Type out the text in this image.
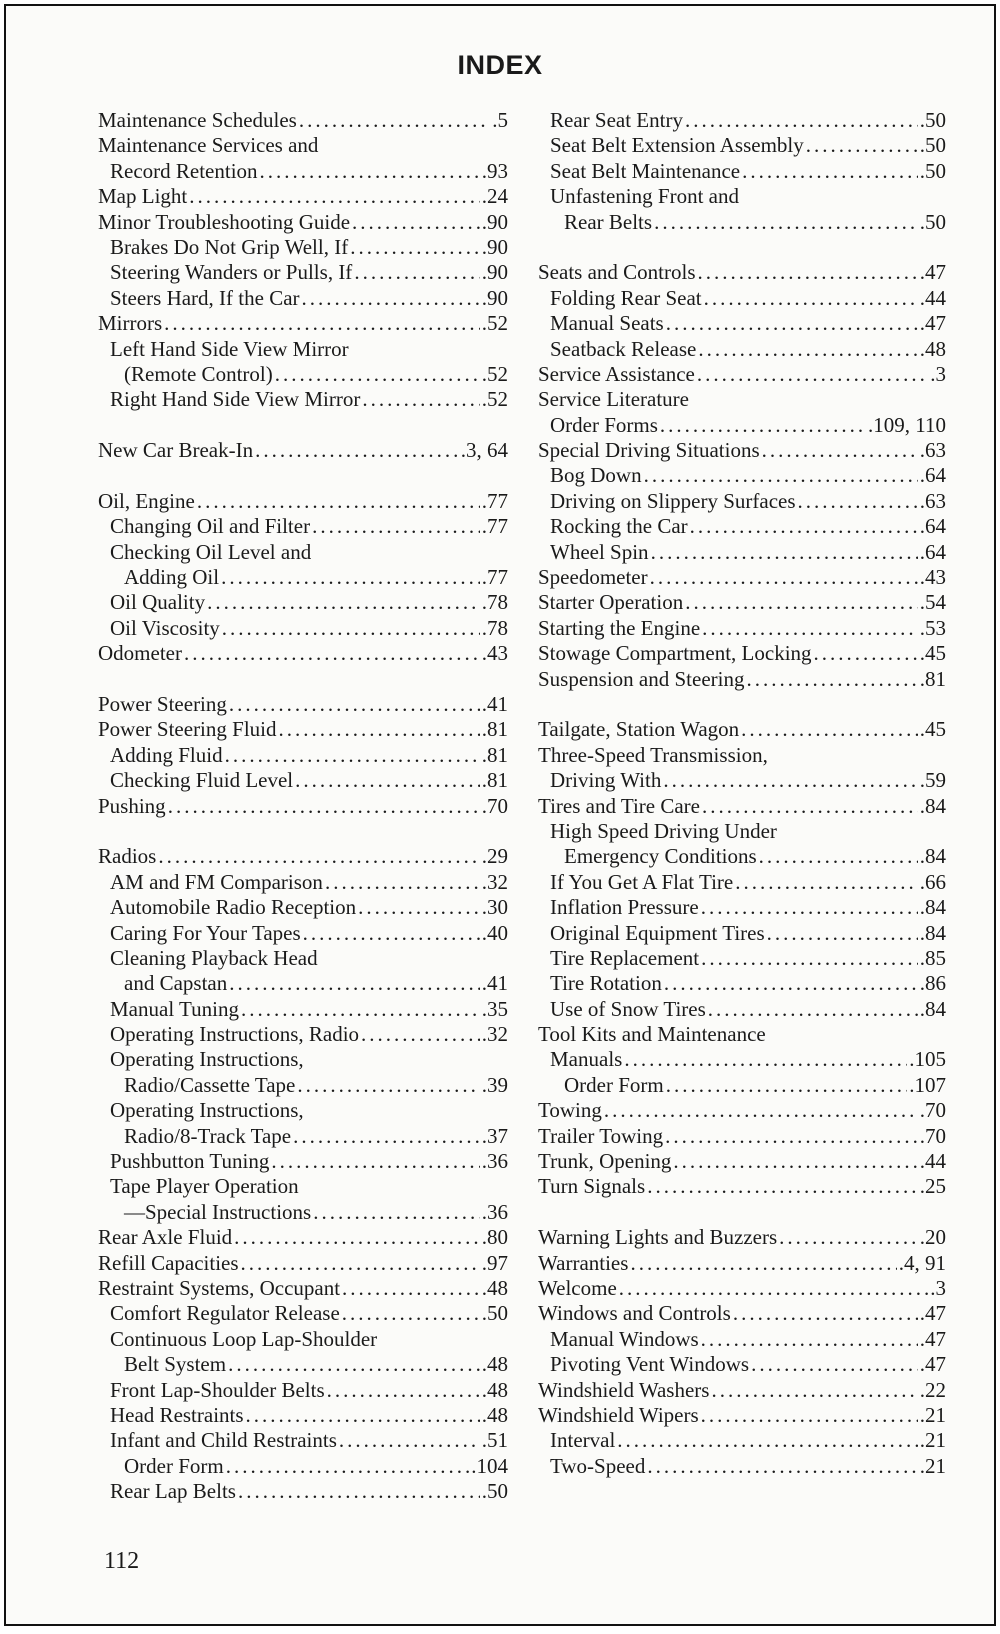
INDEX
Maintenance Schedules .....	.5
Maintenance Services and
Record Retention .....	.93
Map Light .....	.24
Minor Troubleshooting Guide .....	.90
Brakes Do Not Grip Well, If .....	.90
Steering Wanders or Pulls, If .....	.90
Steers Hard, If the Car .....	.90
Mirrors .....	.52
Left Hand Side View Mirror
(Remote Control) .....	.52
Right Hand Side View Mirror .....	.52
New Car Break-In .....	.3, 64
Oil, Engine .....	.77
Changing Oil and Filter .....	.77
Checking Oil Level and
Adding Oil .....	.77
Oil Quality .....	.78
Oil Viscosity .....	.78
Odometer .....	.43
Power Steering .....	.41
Power Steering Fluid .....	.81
Adding Fluid .....	.81
Checking Fluid Level .....	.81
Pushing .....	.70
Radios .....	.29
AM and FM Comparison .....	.32
Automobile Radio Reception .....	.30
Caring For Your Tapes .....	.40
Cleaning Playback Head
and Capstan .....	.41
Manual Tuning .....	.35
Operating Instructions, Radio .....	.32
Operating Instructions,
Radio/Cassette Tape .....	.39
Operating Instructions,
Radio/8-Track Tape .....	.37
Pushbutton Tuning .....	.36
Tape Player Operation
—Special Instructions .....	.36
Rear Axle Fluid .....	.80
Refill Capacities .....	.97
Restraint Systems, Occupant .....	.48
Comfort Regulator Release .....	.50
Continuous Loop Lap-Shoulder
Belt System .....	.48
Front Lap-Shoulder Belts .....	.48
Head Restraints .....	.48
Infant and Child Restraints .....	.51
Order Form .....	.104
Rear Lap Belts .....	.50
Rear Seat Entry .....	.50
Seat Belt Extension Assembly .....	.50
Seat Belt Maintenance .....	.50
Unfastening Front and
Rear Belts .....	.50
Seats and Controls .....	.47
Folding Rear Seat .....	.44
Manual Seats .....	.47
Seatback Release .....	.48
Service Assistance .....	.3
Service Literature
Order Forms .....	.109, 110
Special Driving Situations .....	.63
Bog Down .....	.64
Driving on Slippery Surfaces .....	.63
Rocking the Car .....	.64
Wheel Spin .....	.64
Speedometer .....	.43
Starter Operation .....	.54
Starting the Engine .....	.53
Stowage Compartment, Locking .....	.45
Suspension and Steering .....	.81
Tailgate, Station Wagon .....	.45
Three-Speed Transmission,
Driving With .....	.59
Tires and Tire Care .....	.84
High Speed Driving Under
Emergency Conditions .....	.84
If You Get A Flat Tire .....	.66
Inflation Pressure .....	.84
Original Equipment Tires .....	.84
Tire Replacement .....	.85
Tire Rotation .....	.86
Use of Snow Tires .....	.84
Tool Kits and Maintenance
Manuals .....	.105
Order Form .....	.107
Towing .....	.70
Trailer Towing .....	.70
Trunk, Opening .....	.44
Turn Signals .....	.25
Warning Lights and Buzzers .....	.20
Warranties .....	.4, 91
Welcome .....	.3
Windows and Controls .....	.47
Manual Windows .....	.47
Pivoting Vent Windows .....	.47
Windshield Washers .....	.22
Windshield Wipers .....	.21
Interval .....	.21
Two-Speed .....	.21
112
